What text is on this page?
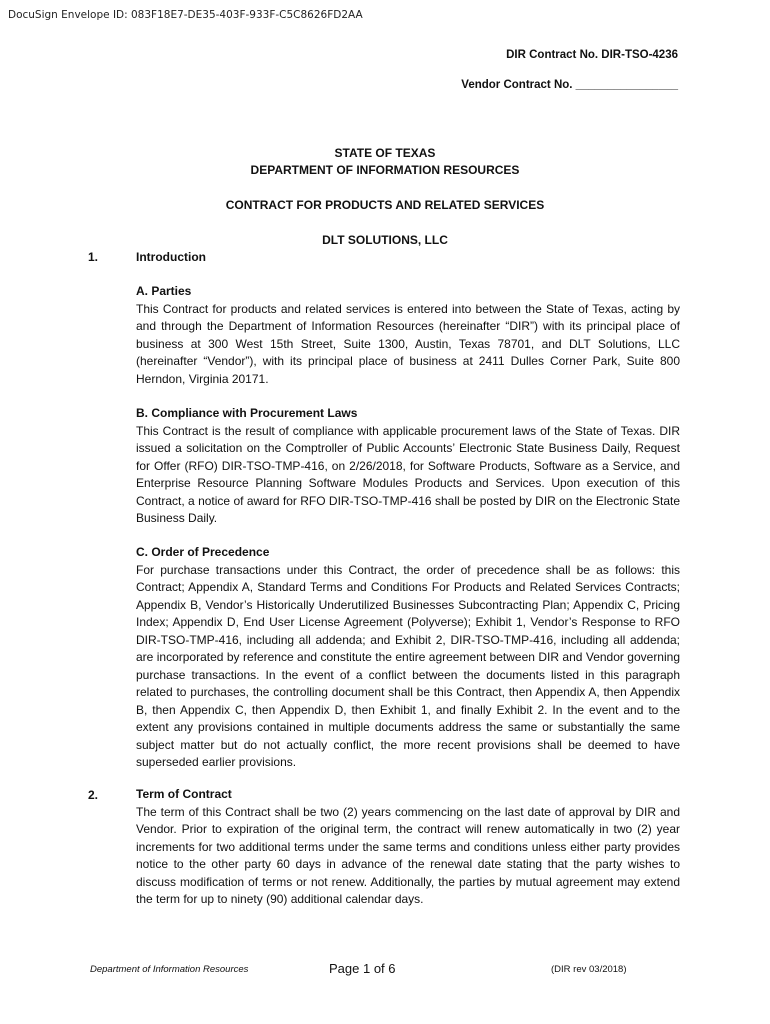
DocuSign Envelope ID: 083F18E7-DE35-403F-933F-C5C8626FD2AA
DIR Contract No. DIR-TSO-4236
Vendor Contract No. ________________
STATE OF TEXAS
DEPARTMENT OF INFORMATION RESOURCES
CONTRACT FOR PRODUCTS AND RELATED SERVICES
DLT SOLUTIONS, LLC
1.	Introduction
A. Parties
This Contract for products and related services is entered into between the State of Texas, acting by and through the Department of Information Resources (hereinafter “DIR”) with its principal place of business at 300 West 15th Street, Suite 1300, Austin, Texas 78701, and DLT Solutions, LLC (hereinafter “Vendor”), with its principal place of business at 2411 Dulles Corner Park, Suite 800 Herndon, Virginia 20171.
B. Compliance with Procurement Laws
This Contract is the result of compliance with applicable procurement laws of the State of Texas. DIR issued a solicitation on the Comptroller of Public Accounts’ Electronic State Business Daily, Request for Offer (RFO) DIR-TSO-TMP-416, on 2/26/2018, for Software Products, Software as a Service, and Enterprise Resource Planning Software Modules Products and Services. Upon execution of this Contract, a notice of award for RFO DIR-TSO-TMP-416 shall be posted by DIR on the Electronic State Business Daily.
C. Order of Precedence
For purchase transactions under this Contract, the order of precedence shall be as follows: this Contract; Appendix A, Standard Terms and Conditions For Products and Related Services Contracts; Appendix B, Vendor’s Historically Underutilized Businesses Subcontracting Plan; Appendix C, Pricing Index; Appendix D, End User License Agreement (Polyverse); Exhibit 1, Vendor’s Response to RFO DIR-TSO-TMP-416, including all addenda; and Exhibit 2, DIR-TSO-TMP-416, including all addenda; are incorporated by reference and constitute the entire agreement between DIR and Vendor governing purchase transactions. In the event of a conflict between the documents listed in this paragraph related to purchases, the controlling document shall be this Contract, then Appendix A, then Appendix B, then Appendix C, then Appendix D, then Exhibit 1, and finally Exhibit 2. In the event and to the extent any provisions contained in multiple documents address the same or substantially the same subject matter but do not actually conflict, the more recent provisions shall be deemed to have superseded earlier provisions.
2.	Term of Contract
The term of this Contract shall be two (2) years commencing on the last date of approval by DIR and Vendor. Prior to expiration of the original term, the contract will renew automatically in two (2) year increments for two additional terms under the same terms and conditions unless either party provides notice to the other party 60 days in advance of the renewal date stating that the party wishes to discuss modification of terms or not renew. Additionally, the parties by mutual agreement may extend the term for up to ninety (90) additional calendar days.
Department of Information Resources	Page 1 of 6	(DIR rev 03/2018)
